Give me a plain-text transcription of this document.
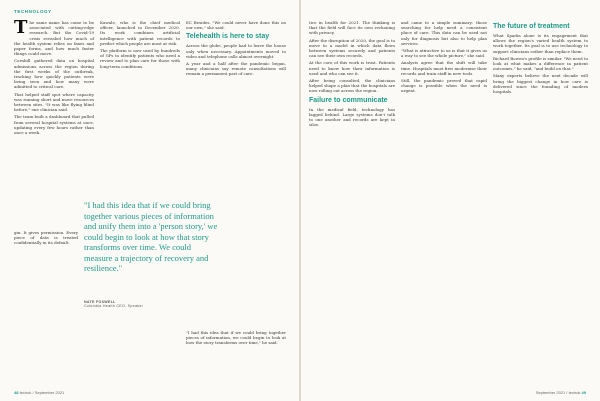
TECHNOLOGY

The same name has come to be associated with cutting-edge research. But the Covid-19 crisis revealed how much of the health system relies on faxes and paper forms, and how much faster things could move.

Cornhill gathered data on hospital admissions across the region during the first weeks of the outbreak, tracking how quickly patients were being seen and how many were admitted to critical care.

That helped staff spot where capacity was running short and move resources between sites. "It was like flying blind before," one clinician said.

The team built a dashboard that pulled from several hospital systems at once, updating every few hours rather than once a week.

Kawale, who is the chief medical officer, launched in December 2020. Its work combines artificial intelligence with patient records to predict which people are most at risk.

The platform is now used by hundreds of GPs to identify patients who need a review and to plan care for those with long-term conditions.

EC Besides. "We could never have done this on our own," she said.

Telehealth is here to stay

Across the globe, people had to leave the house only when necessary. Appointments moved to video and telephone calls almost overnight.

A year and a half after the pandemic began, many clinicians say remote consultations will remain a permanent part of care.

"I had this idea that if we could bring together various pieces of information and unify them into a 'person story,' we could begin to look at how that story transforms over time. We could measure a trajectory of recovery and resilience."
NATE FOXWELL
Columbia Health CEO, Speaker

gin. It gives permission. Every piece of data is treated confidentially in its default.

"I had this idea that if we could bring together pieces of information, we could begin to look at how the story transforms over time," he said.

48 techuk / September 2021

tice in health for 2021. The thinking is that the field will face its own reckoning with privacy.

After the disruption of 2020, the goal is to move to a model in which data flows between systems securely and patients can see their own records.

At the core of this work is trust. Patients need to know how their information is used and who can see it.

After being consulted, the clinicians helped shape a plan that the hospitals are now rolling out across the region.

Failure to communicate

In the medical field, technology has lagged behind. Large systems don't talk to one another and records are kept in silos.

and came to a simple summary: those searching for help need a consistent place of care. This data can be used not only for diagnosis but also to help plan services.

"What is attractive to us is that it gives us a way to see the whole picture," she said.

Analysts agree that the shift will take time. Hospitals must first modernise their records and train staff in new tools.

Still, the pandemic proved that rapid change is possible when the need is urgent.

The future of treatment

What Sparks alone is its engagement that allows the region's varied health system to work together. Its goal is to use technology to support clinicians rather than replace them.

Richard Bowen's profile is similar. "We need to look at what makes a difference in patient outcomes," he said, "and build on that."

Many experts believe the next decade will bring the biggest change in how care is delivered since the founding of modern hospitals.

September 2021 / techuk 49
